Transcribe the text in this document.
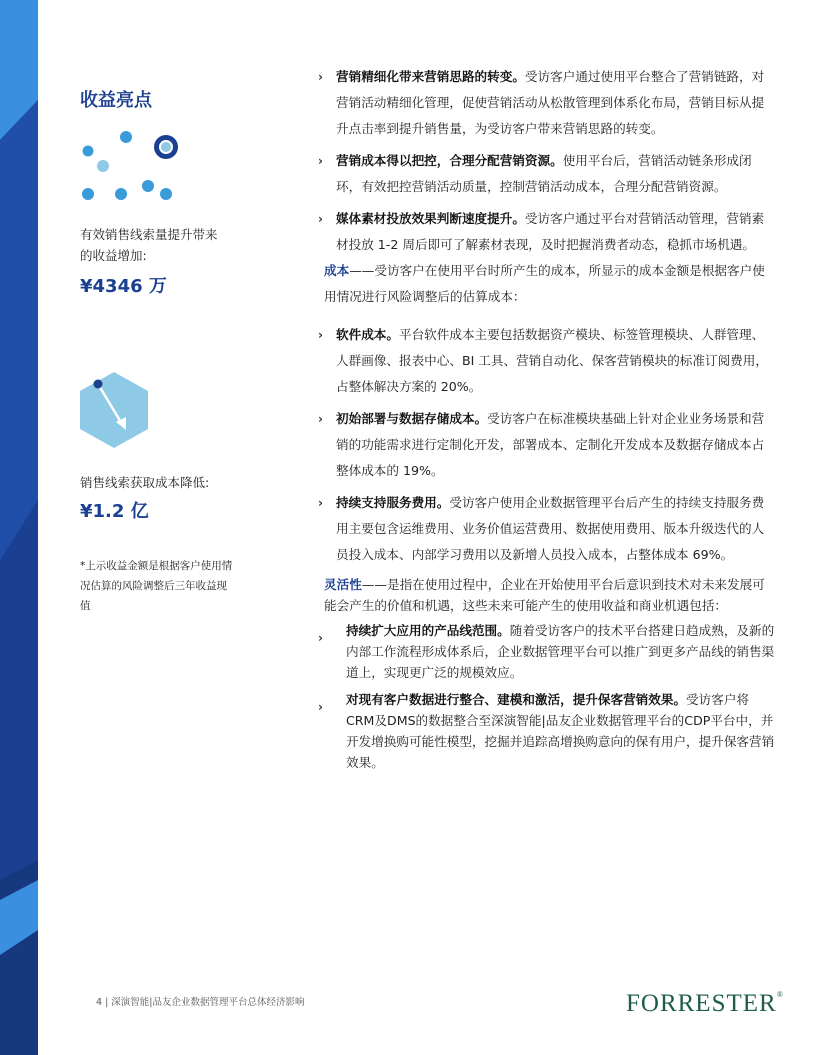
收益亮点
有效销售线索量提升带来
的收益增加:
¥4346 万
销售线索获取成本降低:
¥1.2 亿
*上示收益金额是根据客户使用情
况估算的风险调整后三年收益现
值
› 营销精细化带来营销思路的转变。受访客户通过使用平台整合了营销链路，对营销活动精细化管理，促使营销活动从松散管理到体系化布局，营销目标从提升点击率到提升销售量，为受访客户带来营销思路的转变。
› 营销成本得以把控，合理分配营销资源。使用平台后，营销活动链条形成闭环，有效把控营销活动质量，控制营销活动成本，合理分配营销资源。
› 媒体素材投放效果判断速度提升。受访客户通过平台对营销活动管理，营销素材投放 1-2 周后即可了解素材表现，及时把握消费者动态，稳抓市场机遇。

成本——受访客户在使用平台时所产生的成本，所显示的成本金额是根据客户使用情况进行风险调整后的估算成本：

› 软件成本。平台软件成本主要包括数据资产模块、标签管理模块、人群管理、人群画像、报表中心、BI 工具、营销自动化、保客营销模块的标准订阅费用，占整体解决方案的 20%。
› 初始部署与数据存储成本。受访客户在标准模块基础上针对企业业务场景和营销的功能需求进行定制化开发，部署成本、定制化开发成本及数据存储成本占整体成本的 19%。
› 持续支持服务费用。受访客户使用企业数据管理平台后产生的持续支持服务费用主要包含运维费用、业务价值运营费用、数据使用费用、版本升级迭代的人员投入成本、内部学习费用以及新增人员投入成本，占整体成本 69%。

灵活性——是指在使用过程中，企业在开始使用平台后意识到技术对未来发展可能会产生的价值和机遇，这些未来可能产生的使用收益和商业机遇包括：

› 持续扩大应用的产品线范围。随着受访客户的技术平台搭建日趋成熟，及新的内部工作流程形成体系后，企业数据管理平台可以推广到更多产品线的销售渠道上，实现更广泛的规模效应。
› 对现有客户数据进行整合、建模和激活，提升保客营销效果。受访客户将CRM及DMS的数据整合至深演智能|品友企业数据管理平台的CDP平台中，并开发增换购可能性模型，挖掘并追踪高增换购意向的保有用户，提升保客营销效果。
4 | 深演智能|品友企业数据管理平台总体经济影响	FORRESTER®
